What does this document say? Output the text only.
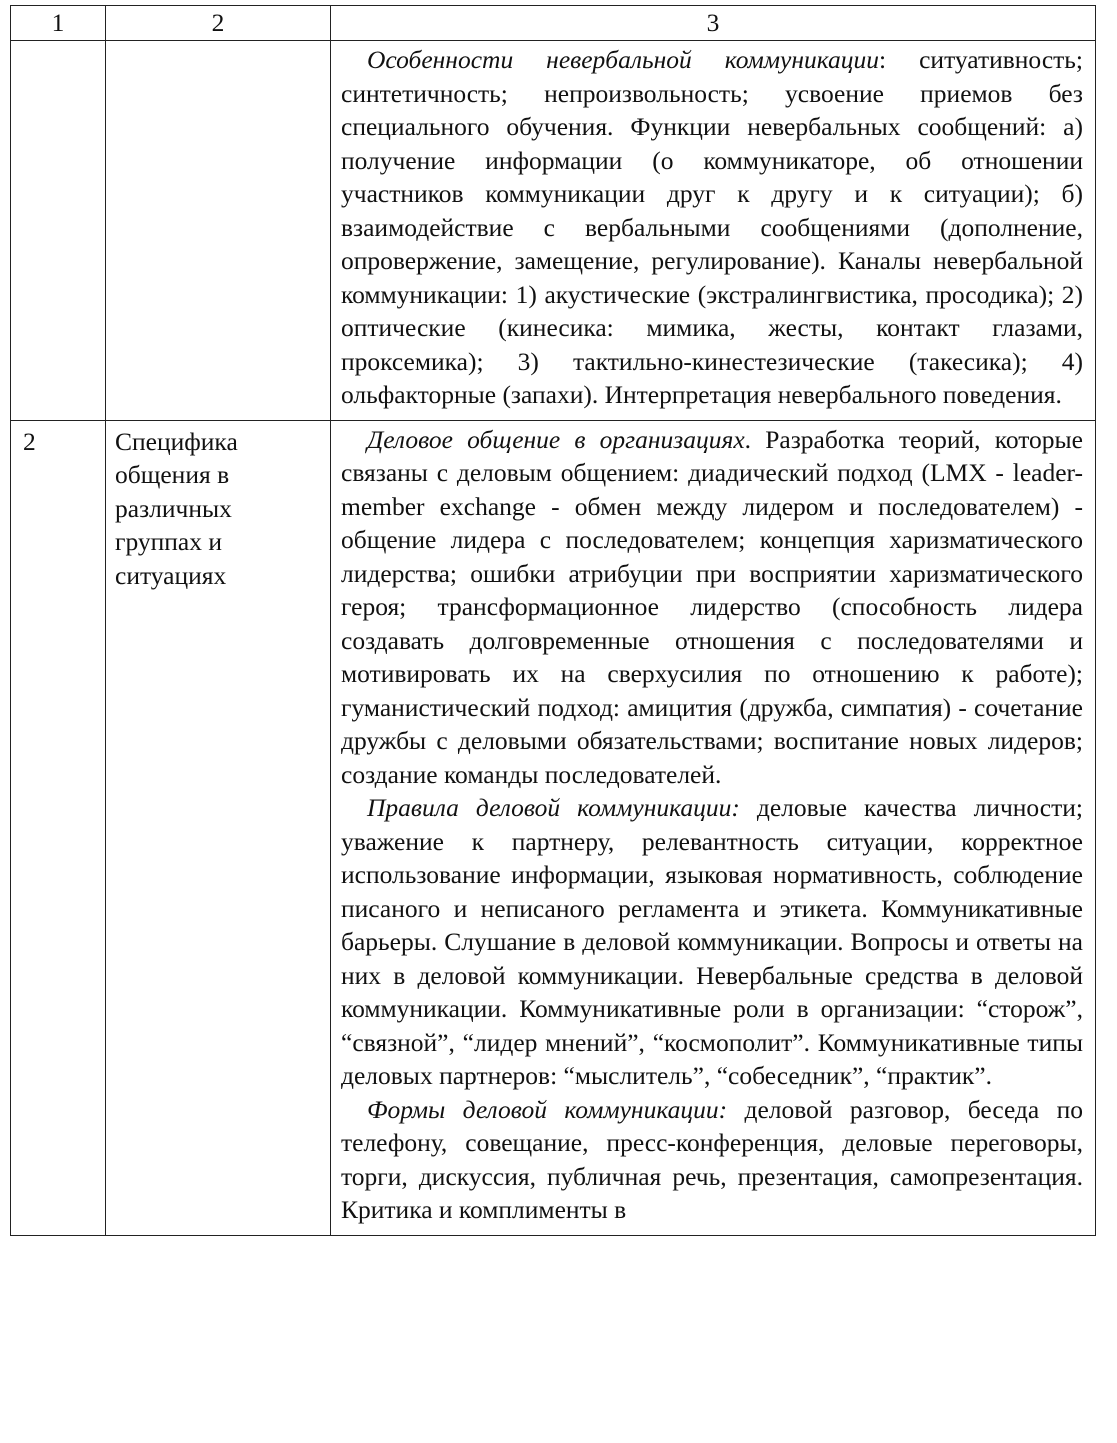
1	2	3

		Особенности невербальной коммуникации: ситуативность; синтетичность; непроизвольность; усвоение приемов без специального обучения. Функции невербальных сообщений: а) получение информации (о коммуникаторе, об отношении участников коммуникации друг к другу и к ситуации); б) взаимодействие с вербальными сообщениями (дополнение, опровержение, замещение, регулирование). Каналы невербальной коммуникации: 1) акустические (экстралингвистика, просодика); 2) оптические (кинесика: мимика, жесты, контакт глазами, проксемика); 3) тактильно-кинестезические (такесика); 4) ольфакторные (запахи). Интерпретация невербального поведения.

2	Специфика общения в различных группах и ситуациях	Деловое общение в организациях. Разработка теорий, которые связаны с деловым общением: диадический подход (LMX - leader-member exchange - обмен между лидером и последователем) - общение лидера с последователем; концепция харизматического лидерства; ошибки атрибуции при восприятии харизматического героя; трансформационное лидерство (способность лидера создавать долговременные отношения с последователями и мотивировать их на сверхусилия по отношению к работе); гуманистический подход: амицития (дружба, симпатия) - сочетание дружбы с деловыми обязательствами; воспитание новых лидеров; создание команды последователей.

Правила деловой коммуникации: деловые качества личности; уважение к партнеру, релевантность ситуации, корректное использование информации, языковая нормативность, соблюдение писаного и неписаного регламента и этикета. Коммуникативные барьеры. Слушание в деловой коммуникации. Вопросы и ответы на них в деловой коммуникации. Невербальные средства в деловой коммуникации. Коммуникативные роли в организации: “сторож”, “связной”, “лидер мнений”, “космополит”. Коммуникативные типы деловых партнеров: “мыслитель”, “собеседник”, “практик”.

Формы деловой коммуникации: деловой разговор, беседа по телефону, совещание, пресс-конференция, деловые переговоры, торги, дискуссия, публичная речь, презентация, самопрезентация. Критика и комплименты в
